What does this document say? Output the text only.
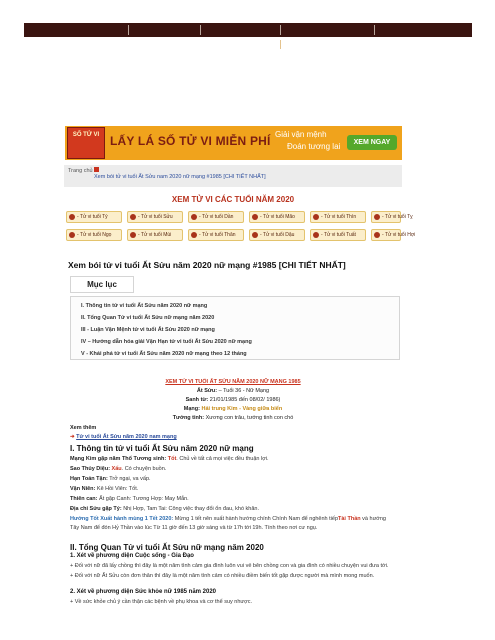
SỐ TỬ VI LẤY LÁ SỐ TỬ VI MIỄN PHÍ Giải vận mệnh
Đoán tương lai	XEM NGAY
Trang chủ
Xem bói tử vi tuổi Ất Sửu nam 2020 nữ mạng #1985 [CHI TIẾT NHẤT]
XEM TỬ VI CÁC TUỔI NĂM 2020
- Tử vi tuổi Tý	- Tử vi tuổi Sửu	- Tử vi tuổi Dần	- Tử vi tuổi Mão	- Tử vi tuổi Thìn	- Tử vi tuổi Tỵ
- Tử vi tuổi Ngọ	- Tử vi tuổi Mùi	- Tử vi tuổi Thân	- Tử vi tuổi Dậu	- Tử vi tuổi Tuất	- Tử vi tuổi Hợi
Xem bói tử vi tuổi Ất Sửu năm 2020 nữ mạng #1985 [CHI TIẾT NHẤT]
Mục lục
I. Thông tin tử vi tuổi Ất Sửu năm 2020 nữ mạng
II. Tổng Quan Tử vi tuổi Ất Sửu nữ mạng năm 2020
III - Luận Vận Mệnh tử vi tuổi Ất Sửu 2020 nữ mạng
IV – Hướng dẫn hóa giải Vận Hạn tử vi tuổi Ất Sửu 2020 nữ mạng
V - Khái phá tử vi tuổi Ất Sửu năm 2020 nữ mạng theo 12 tháng
XEM TỬ VI TUỔI ẤT SỬU NĂM 2020 NỮ MẠNG 1985
Ất Sửu: – Tuổi 36 - Nữ Mạng
Sanh từ: 21/01/1985 đến 08/02/ 1986)
Mạng: Hải trung Kim - Vàng giữa biển
Tướng tinh: Xương con trâu, tướng tinh con chó
Xem thêm
➜ Tử vi tuổi Ất Sửu năm 2020 nam mạng
I. Thông tin tử vi tuổi Ất Sửu năm 2020 nữ mạng
Mạng Kim gặp năm Thổ Tương sinh: Tốt. Chủ về tất cả mọi việc đều thuận lợi.
Sao Thủy Diệu: Xấu. Có chuyện buồn.
Hạn Toán Tận: Trở ngại, va vấp.
Vận Niên: Kê Hồi Viên: Tốt.
Thiên can: Ất gặp Canh: Tương Hợp: May Mắn.
Địa chi Sửu gặp Tý: Nhị Hợp, Tam Tai: Công việc thay đổi ổn đau, khó khăn.
Hướng Tốt Xuất hành mùng 1 Tết 2020: Mừng 1 tết nên xuất hành hướng chính Chính Nam để nghênh tiếpTài Thần và hướng
Tây Nam để đón Hỷ Thần vào lúc Từ 11 giờ đến 13 giờ sáng và từ 17h tới 19h. Tính theo nơi cư ngụ.
II. Tổng Quan Tử vi tuổi Ất Sửu nữ mạng năm 2020
1. Xét về phương diện Cuộc sống - Gia Đạo
+ Đối với nữ đã lấy chồng thì đây là một năm tình cảm gia đình luôn vui vẻ bên chồng con và gia đình có nhiều chuyện vui đưa tới.
+ Đối với nữ Ất Sửu còn đơn thân thì đây là một năm tình cảm có nhiều điềm biến tốt gặp được người mà mình mong muốn.
2. Xét về phương diện Sức khỏe nữ 1985 năm 2020
+ Về sức khỏe chủ ý cần thận các bệnh về phụ khoa và cơ thể suy nhược.
